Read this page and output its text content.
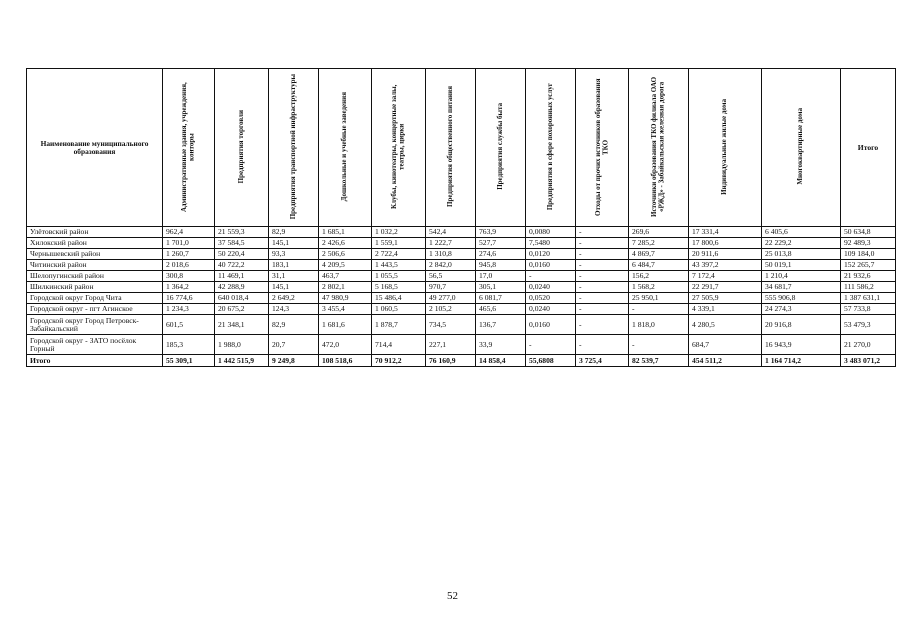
Наименование муниципального образования	Административные здания, учреждения, конторы	Предприятия торговли	Предприятия транспортной инфраструктуры	Дошкольные и учебные заведения	Клубы, кинотеатры, концертные залы, театры, цирки	Предприятия общественного питания	Предприятия службы быта	Предприятия в сфере похоронных услуг	Отходы от прочих источников образования ТКО	Источники образования ТКО филиала ОАО «РЖД» - Забайкальская железная дорога	Индивидуальные жилые дома	Многоквартирные дома	Итого
Улётовский район	962,4	21 559,3	82,9	1 685,1	1 032,2	542,4	763,9	0,0080	-	269,6	17 331,4	6 405,6	50 634,8
Хилокский район	1 701,0	37 584,5	145,1	2 426,6	1 559,1	1 222,7	527,7	7,5480	-	7 285,2	17 800,6	22 229,2	92 489,3
Чернышевский район	1 260,7	50 220,4	93,3	2 506,6	2 722,4	1 310,8	274,6	0,0120	-	4 869,7	20 911,6	25 013,8	109 184,0
Читинский район	2 018,6	40 722,2	183,1	4 209,5	1 443,5	2 842,0	945,8	0,0160	-	6 484,7	43 397,2	50 019,1	152 265,7
Шелопугинский район	300,8	11 469,1	31,1	463,7	1 055,5	56,5	17,0	-	-	156,2	7 172,4	1 210,4	21 932,6
Шилкинский район	1 364,2	42 288,9	145,1	2 802,1	5 168,5	970,7	305,1	0,0240	-	1 568,2	22 291,7	34 681,7	111 586,2
Городской округ Город Чита	16 774,6	640 018,4	2 649,2	47 980,9	15 486,4	49 277,0	6 081,7	0,0520	-	25 950,1	27 505,9	555 906,8	1 387 631,1
Городской округ - пгт Агинское	1 234,3	20 675,2	124,3	3 455,4	1 060,5	2 105,2	465,6	0,0240	-	-	4 339,1	24 274,3	57 733,8
Городской округ Город Петровск-Забайкальский	601,5	21 348,1	82,9	1 681,6	1 878,7	734,5	136,7	0,0160	-	1 818,0	4 280,5	20 916,8	53 479,3
Городской округ - ЗАТО посёлок Горный	185,3	1 988,0	20,7	472,0	714,4	227,1	33,9	-	-	-	684,7	16 943,9	21 270,0
Итого	55 309,1	1 442 515,9	9 249,8	108 518,6	70 912,2	76 160,9	14 858,4	55,6808	3 725,4	82 539,7	454 511,2	1 164 714,2	3 483 071,2
52
